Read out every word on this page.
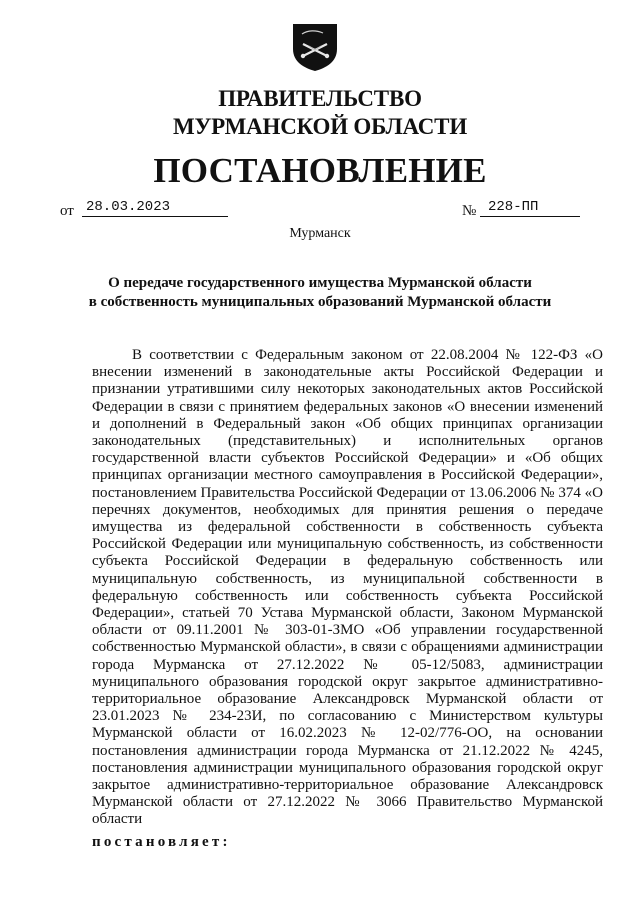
ПРАВИТЕЛЬСТВО
МУРМАНСКОЙ ОБЛАСТИ
ПОСТАНОВЛЕНИЕ
от 28.03.2023	№ 228-ПП
Мурманск
О передаче государственного имущества Мурманской области
в собственность муниципальных образований Мурманской области

В соответствии с Федеральным законом от 22.08.2004 № 122-ФЗ «О внесении изменений в законодательные акты Российской Федерации и признании утратившими силу некоторых законодательных актов Российской Федерации в связи с принятием федеральных законов «О внесении изменений и дополнений в Федеральный закон «Об общих принципах организации законодательных (представительных) и исполнительных органов государственной власти субъектов Российской Федерации» и «Об общих принципах организации местного самоуправления в Российской Федерации», постановлением Правительства Российской Федерации от 13.06.2006 № 374 «О перечнях документов, необходимых для принятия решения о передаче имущества из федеральной собственности в собственность субъекта Российской Федерации или муниципальную собственность, из собственности субъекта Российской Федерации в федеральную собственность или муниципальную собственность, из муниципальной собственности в федеральную собственность или собственность субъекта Российской Федерации», статьей 70 Устава Мурманской области, Законом Мурманской области от 09.11.2001 № 303-01-ЗМО «Об управлении государственной собственностью Мурманской области», в связи с обращениями администрации города Мурманска от 27.12.2022 № 05-12/5083, администрации муниципального образования городской округ закрытое административно-территориальное образование Александровск Мурманской области от 23.01.2023 № 234-23И, по согласованию с Министерством культуры Мурманской области от 16.02.2023 № 12-02/776-ОО, на основании постановления администрации города Мурманска от 21.12.2022 № 4245, постановления администрации муниципального образования городской округ закрытое административно-территориальное образование Александровск Мурманской области от 27.12.2022 № 3066 Правительство Мурманской области

постановляет:
